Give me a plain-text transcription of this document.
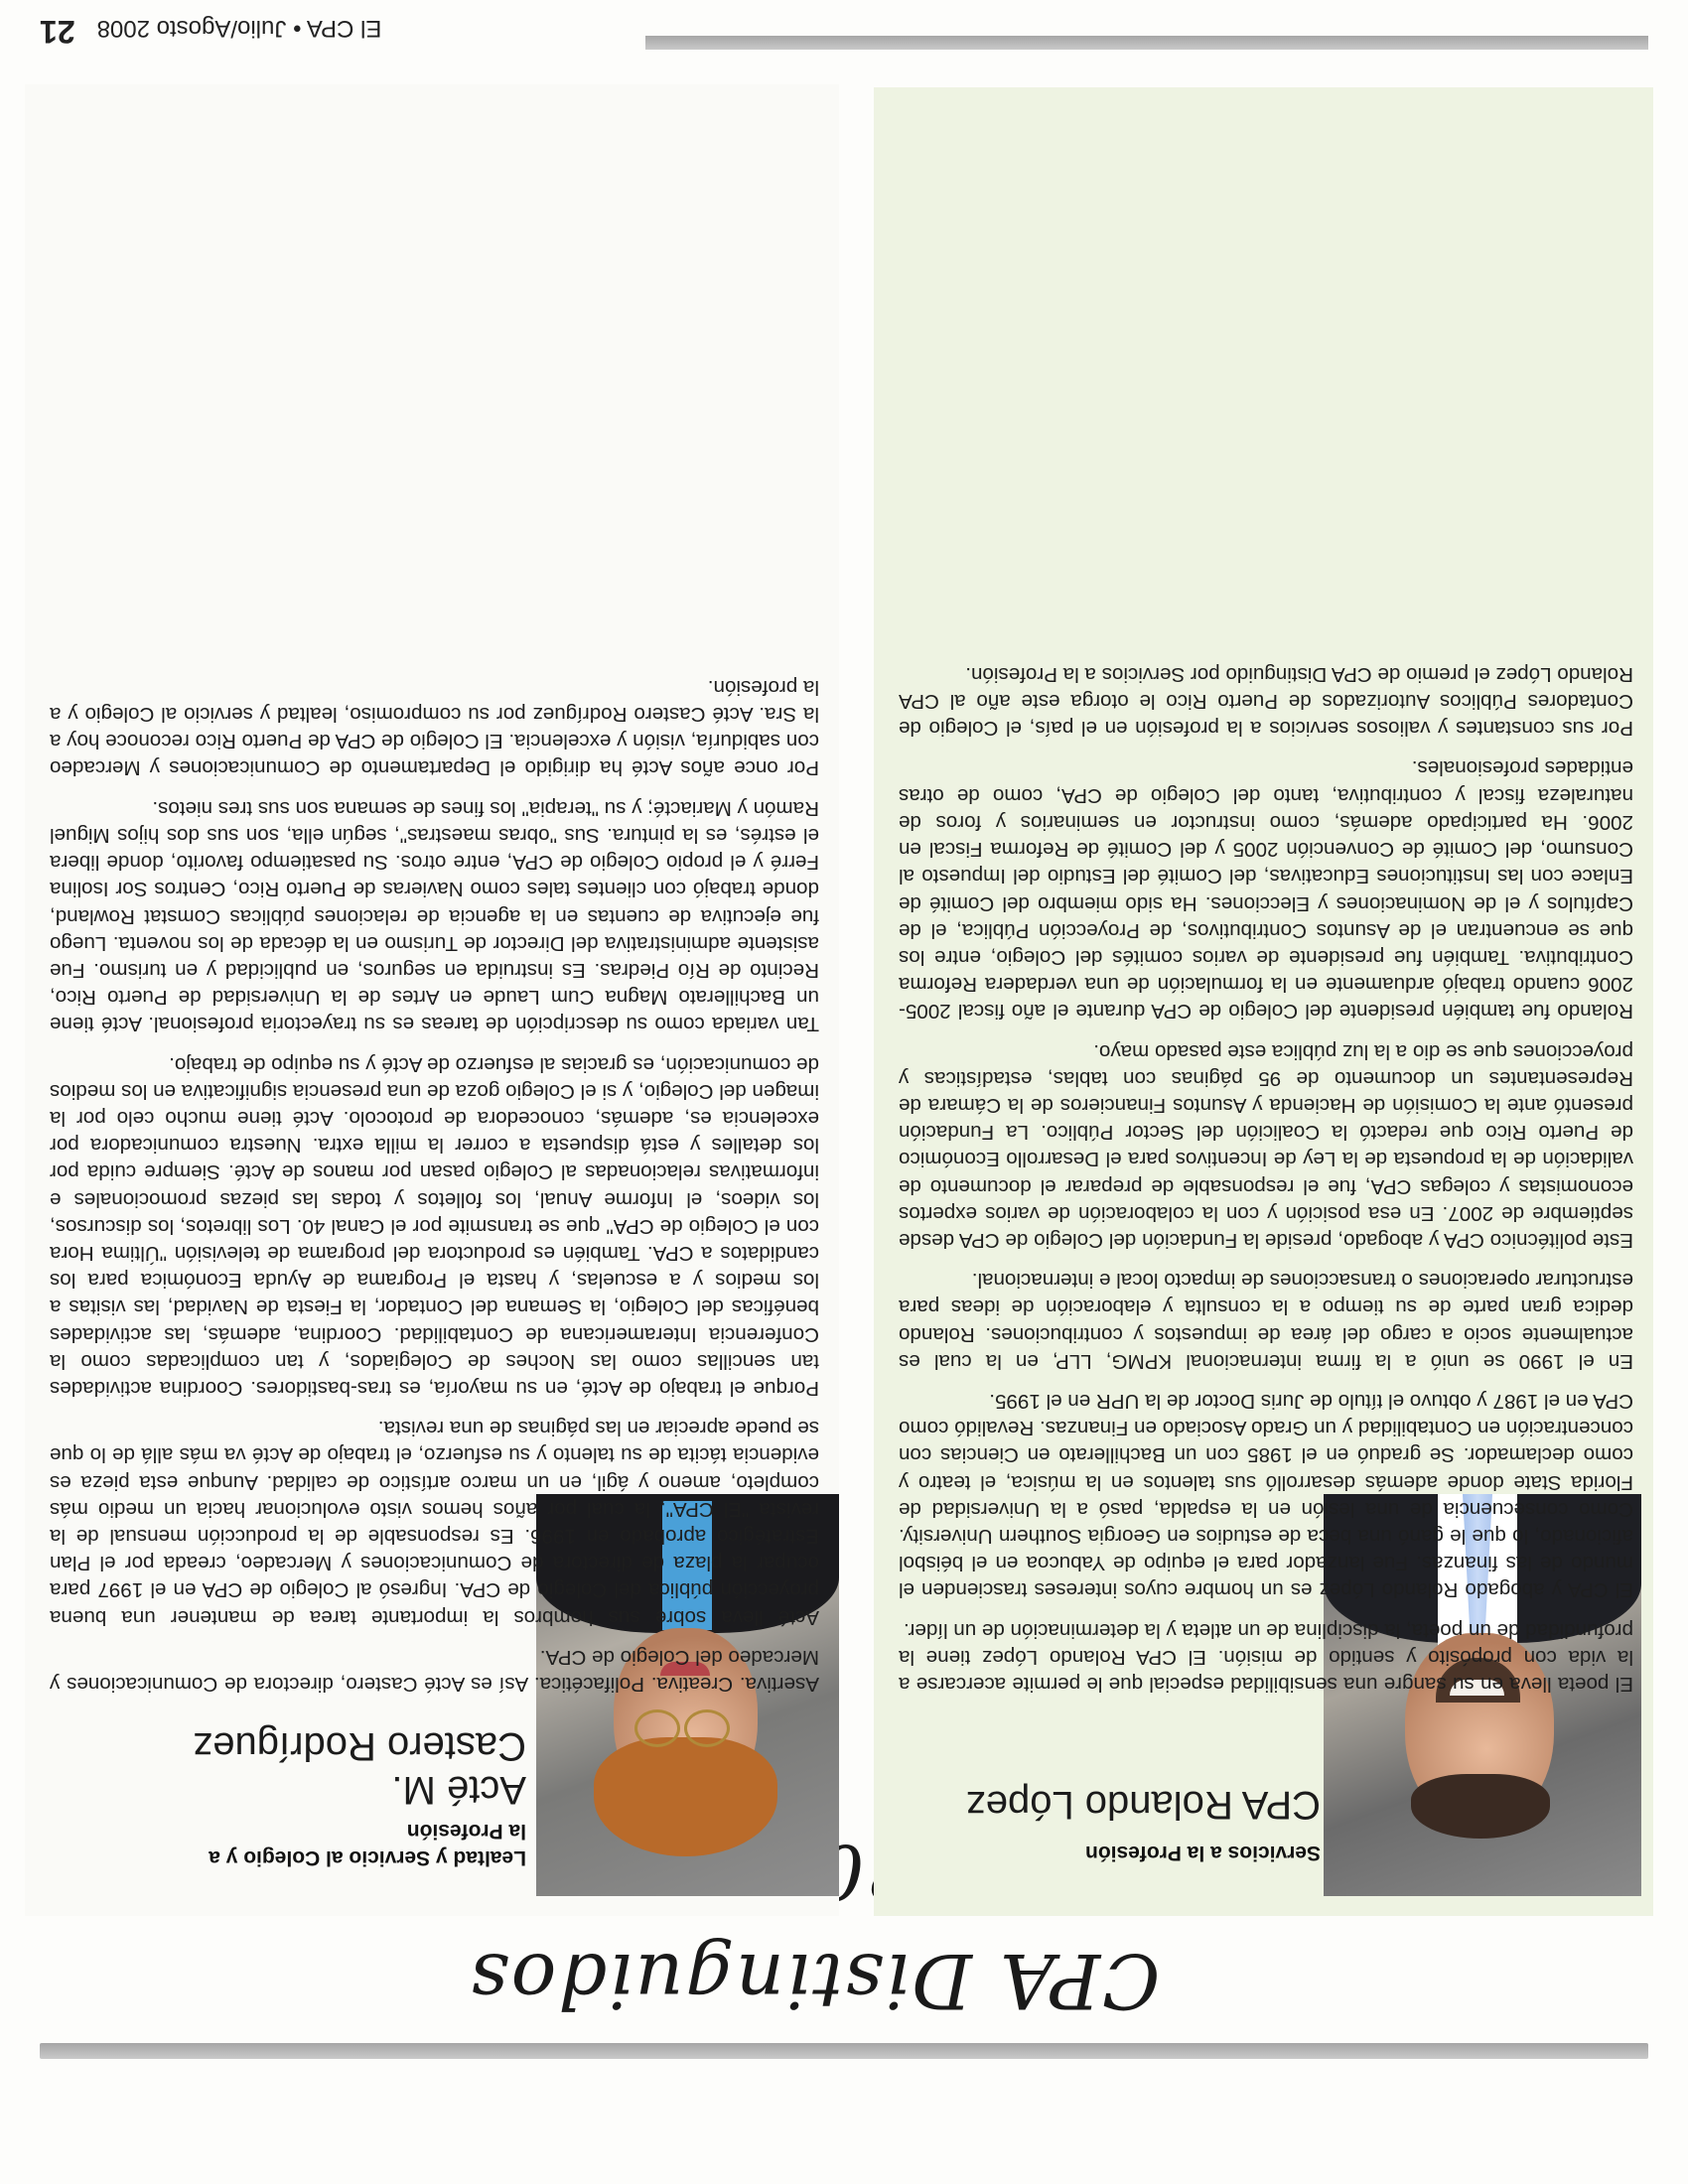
CPA Distinguidos
Servicios a la Profesión
CPA Rolando López

El poeta lleva en su sangre una sensibilidad especial que le permite acercarse a la vida con propósito y sentido de misión. El CPA Rolando López tiene la profundidad de un poeta, la disciplina de un atleta y la determinación de un líder.

El CPA y abogado Rolando López es un hombre cuyos intereses trascienden el mundo de las finanzas. Fue lanzador para el equipo de Yabucoa en el béisbol aficionado, lo que le ganó una beca de estudios en Georgia Southern University. Como consecuencia de una lesión en la espalda, pasó a la Universidad de Florida State donde además desarrolló sus talentos en la música, el teatro y como declamador. Se graduó en el 1985 con un Bachillerato en Ciencias con concentración en Contabilidad y un Grado Asociado en Finanzas. Revalidó como CPA en el 1987 y obtuvo el título de Juris Doctor de la UPR en el 1995.

En el 1990 se unió a la firma internacional KPMG, LLP, en la cual es actualmente socio a cargo del área de impuestos y contribuciones. Rolando dedica gran parte de su tiempo a la consulta y elaboración de ideas para estructurar operaciones o transacciones de impacto local e internacional.

Este politécnico CPA y abogado, preside la Fundación del Colegio de CPA desde septiembre de 2007. En esa posición y con la colaboración de varios expertos economistas y colegas CPA, fue el responsable de preparar el documento de validación de la propuesta de la Ley de Incentivos para el Desarrollo Económico de Puerto Rico que redactó la Coalición del Sector Público. La Fundación presentó ante la Comisión de Hacienda y Asuntos Financieros de la Cámara de Representantes un documento de 95 páginas con tablas, estadísticas y proyecciones que se dio a la luz pública este pasado mayo.

Rolando fue también presidente del Colegio de CPA durante el año fiscal 2005-2006 cuando trabajó arduamente en la formulación de una verdadera Reforma Contributiva. También fue presidente de varios comités del Colegio, entre los que se encuentran el de Asuntos Contributivos, de Proyección Pública, el de Capítulos y el de Nominaciones y Elecciones. Ha sido miembro del Comité de Enlace con las Instituciones Educativas, del Comité del Estudio del Impuesto al Consumo, del Comité de Convención 2005 y del Comité de Reforma Fiscal en 2006. Ha participado además, como instructor en seminarios y foros de naturaleza fiscal y contributiva, tanto del Colegio de CPA, como de otras entidades profesionales.

Por sus constantes y valiosos servicios a la profesión en el país, el Colegio de Contadores Públicos Autorizados de Puerto Rico le otorga este año al CPA Rolando López el premio de CPA Distinguido por Servicios a la Profesión.

Lealtad y Servicio al Colegio y a la Profesión
Acté M.
Castero Rodríguez

Asertiva. Creativa. Polifacética. Así es Acté Castero, directora de Comunicaciones y Mercadeo del Colegio de CPA.

Acté lleva sobre sus hombros la importante tarea de mantener una buena proyección pública del Colegio de CPA. Ingresó al Colegio de CPA en el 1997 para ocupar la plaza de directora de Comunicaciones y Mercadeo, creada por el Plan Estratégico aprobado en 1996. Es responsable de la producción mensual de la revista "El CPA", la cual por años hemos visto evolucionar hacia un medio más completo, ameno y ágil, en un marco artístico de calidad. Aunque esta pieza es evidencia tácita de su talento y su esfuerzo, el trabajo de Acté va más allá de lo que se puede apreciar en las páginas de una revista.

Porque el trabajo de Acté, en su mayoría, es tras-bastidores. Coordina actividades tan sencillas como las Noches de Colegiados, y tan complicadas como la Conferencia Interamericana de Contabilidad. Coordina, además, las actividades benéficas del Colegio, la Semana del Contador, la Fiesta de Navidad, las visitas a los medios y a escuelas, y hasta el Programa de Ayuda Económica para los candidatos a CPA. También es productora del programa de televisión "Última Hora con el Colegio de CPA" que se transmite por el Canal 40. Los libretos, los discursos, los videos, el Informe Anual, los folletos y todas las piezas promocionales e informativas relacionadas al Colegio pasan por manos de Acté. Siempre cuida por los detalles y está dispuesta a correr la milla extra. Nuestra comunicadora por excelencia es, además, conocedora de protocolo. Acté tiene mucho celo por la imagen del Colegio, y si el Colegio goza de una presencia significativa en los medios de comunicación, es gracias al esfuerzo de Acté y su equipo de trabajo.

Tan variada como su descripción de tareas es su trayectoria profesional. Acté tiene un Bachillerato Magna Cum Laude en Artes de la Universidad de Puerto Rico, Recinto de Río Piedras. Es instruida en seguros, en publicidad y en turismo. Fue asistente administrativa del Director de Turismo en la década de los noventa. Luego fue ejecutiva de cuentas en la agencia de relaciones públicas Comstat Rowland, donde trabajó con clientes tales como Navieras de Puerto Rico, Centros Sor Isolina Ferré y el propio Colegio de CPA, entre otros. Su pasatiempo favorito, donde libera el estrés, es la pintura. Sus "obras maestras", según ella, son sus dos hijos Miguel Ramón y Mariacté; y su "terapia" los fines de semana son sus tres nietos.

Por once años Acté ha dirigido el Departamento de Comunicaciones y Mercadeo con sabiduría, visión y excelencia. El Colegio de CPA de Puerto Rico reconoce hoy a la Sra. Acté Castero Rodríguez por su compromiso, lealtad y servicio al Colegio y a la profesión.

El CPA • Julio/Agosto 200821
